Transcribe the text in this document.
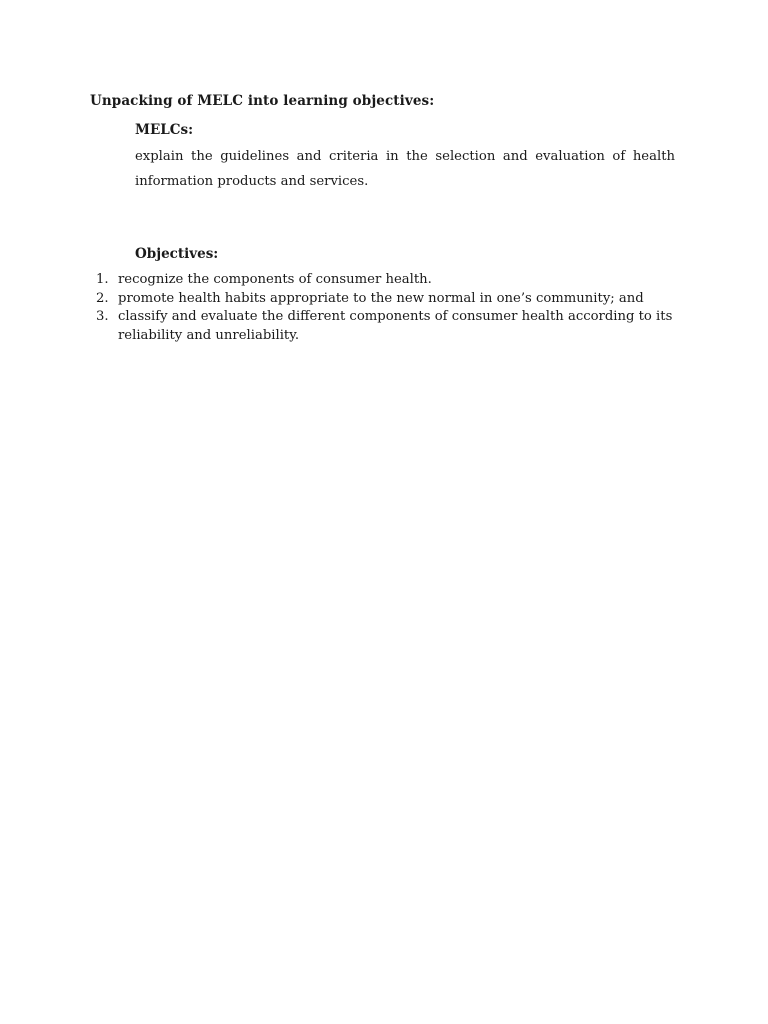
Unpacking of MELC into learning objectives:
MELCs:
explain the guidelines and criteria in the selection and evaluation of health information products and services.
Objectives:
1. recognize the components of consumer health.
2. promote health habits appropriate to the new normal in one’s community; and
3. classify and evaluate the different components of consumer health according to its reliability and unreliability.
